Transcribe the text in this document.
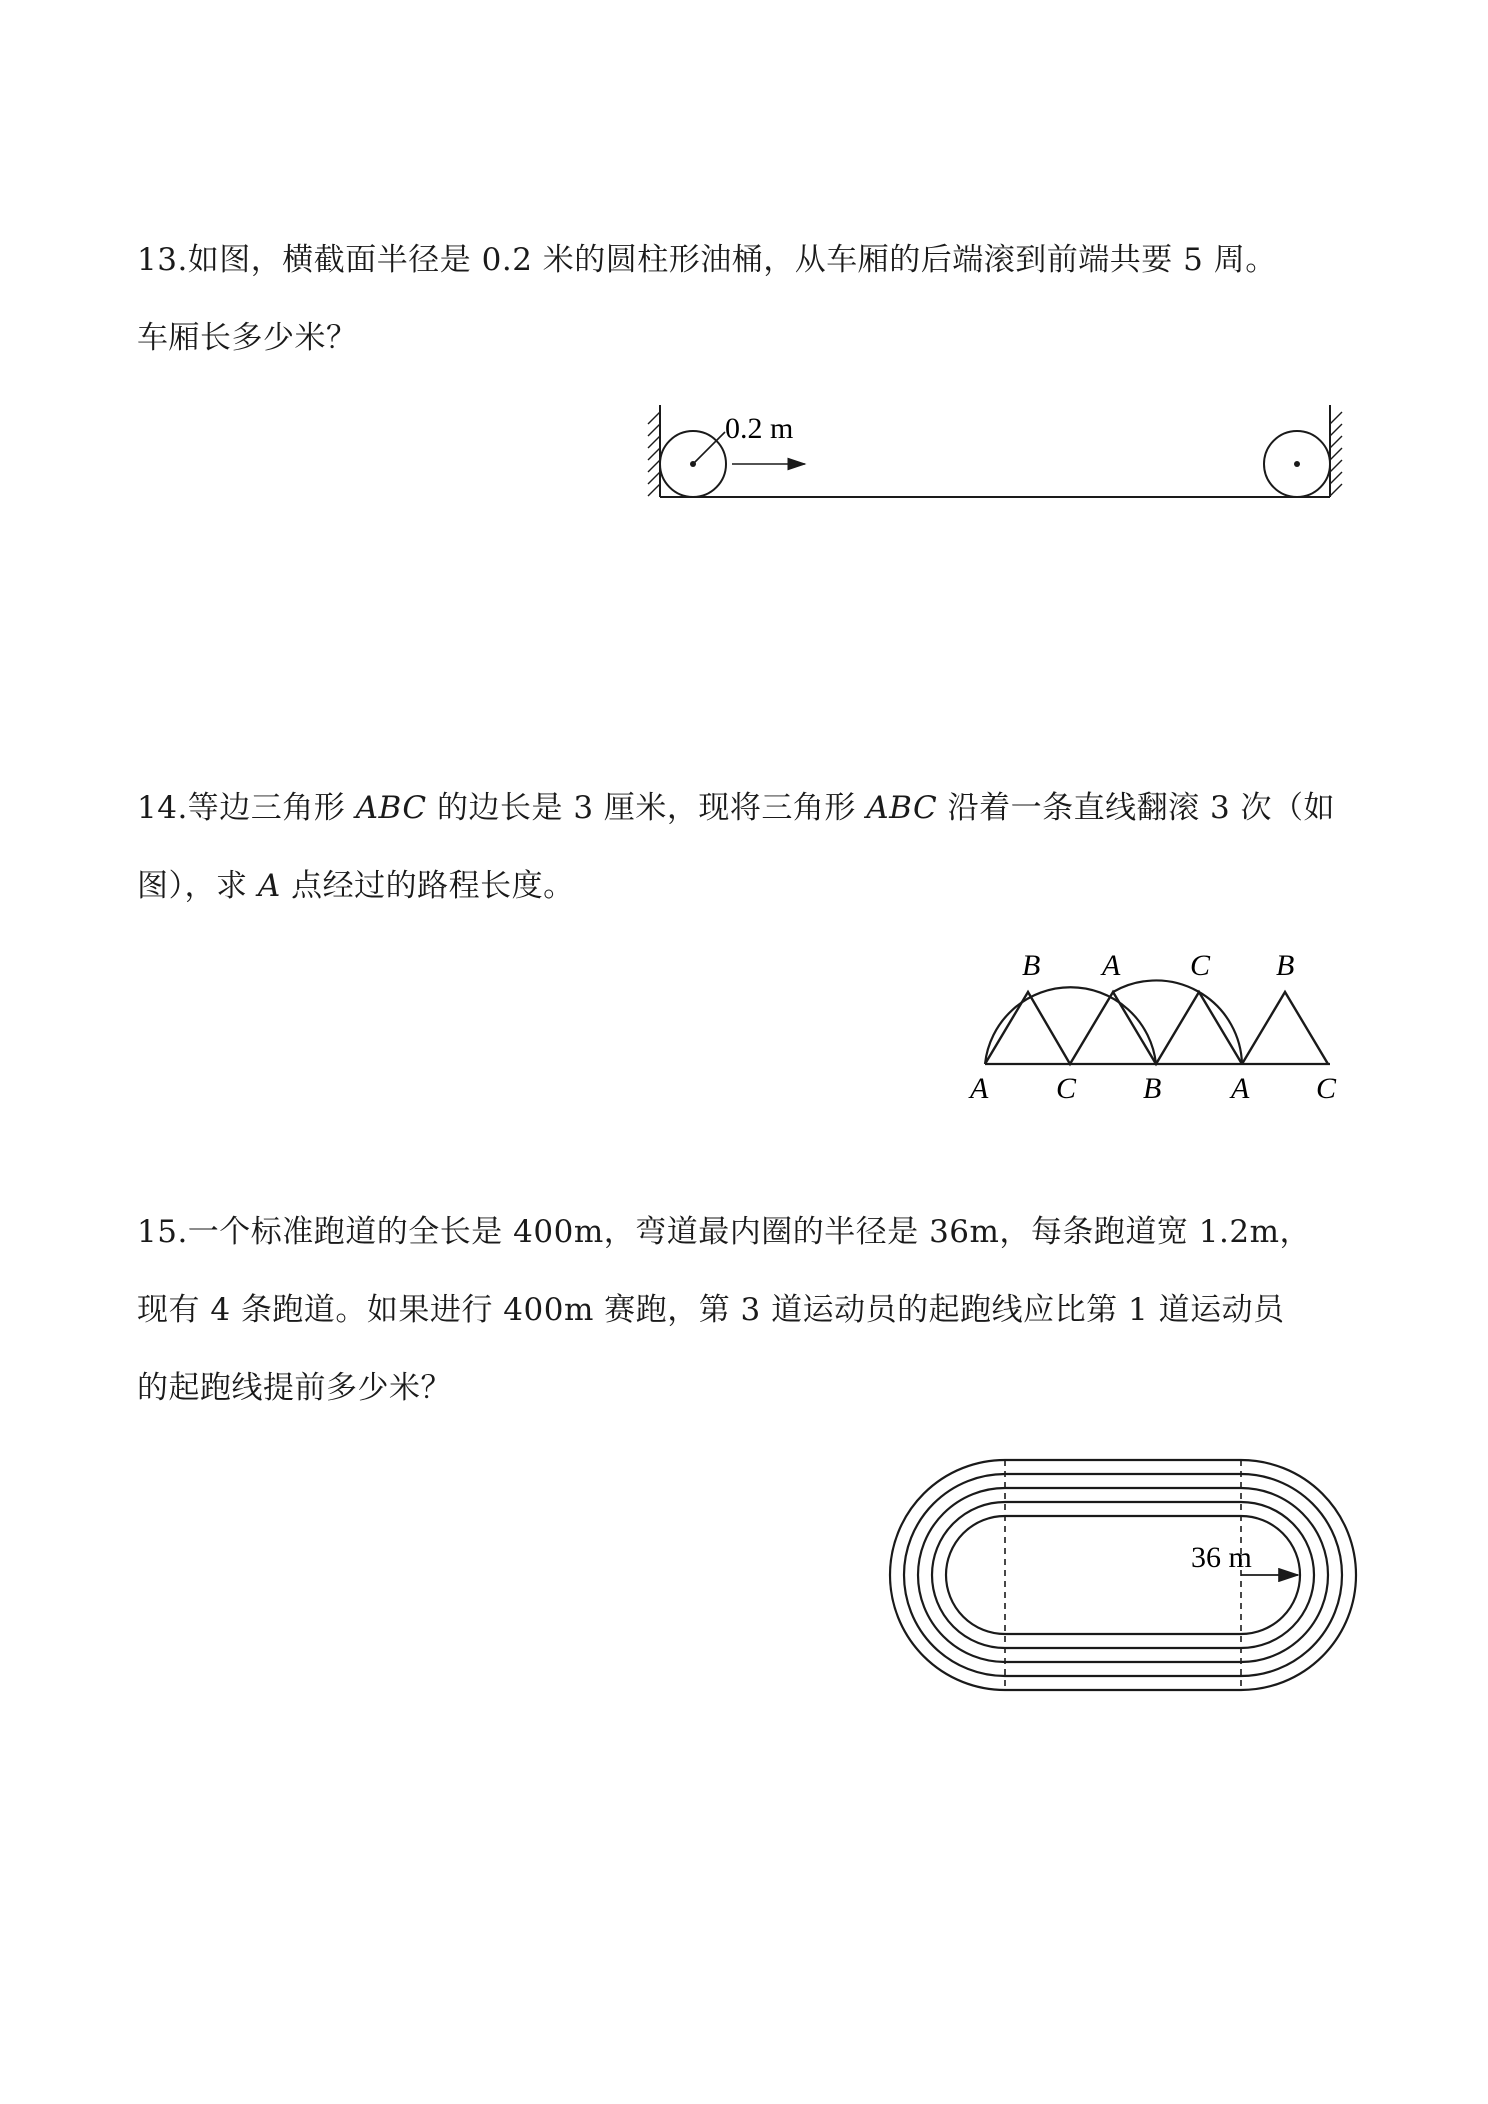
13.如图，横截面半径是 0.2 米的圆柱形油桶，从车厢的后端滚到前端共要 5 周。
车厢长多少米？
0.2 m
14.等边三角形 ABC 的边长是 3 厘米，现将三角形 ABC 沿着一条直线翻滚 3 次（如
图），求 A 点经过的路程长度。
B A C B
A C B A C
15.一个标准跑道的全长是 400m，弯道最内圈的半径是 36m，每条跑道宽 1.2m，
现有 4 条跑道。如果进行 400m 赛跑，第 3 道运动员的起跑线应比第 1 道运动员
的起跑线提前多少米？
36 m
